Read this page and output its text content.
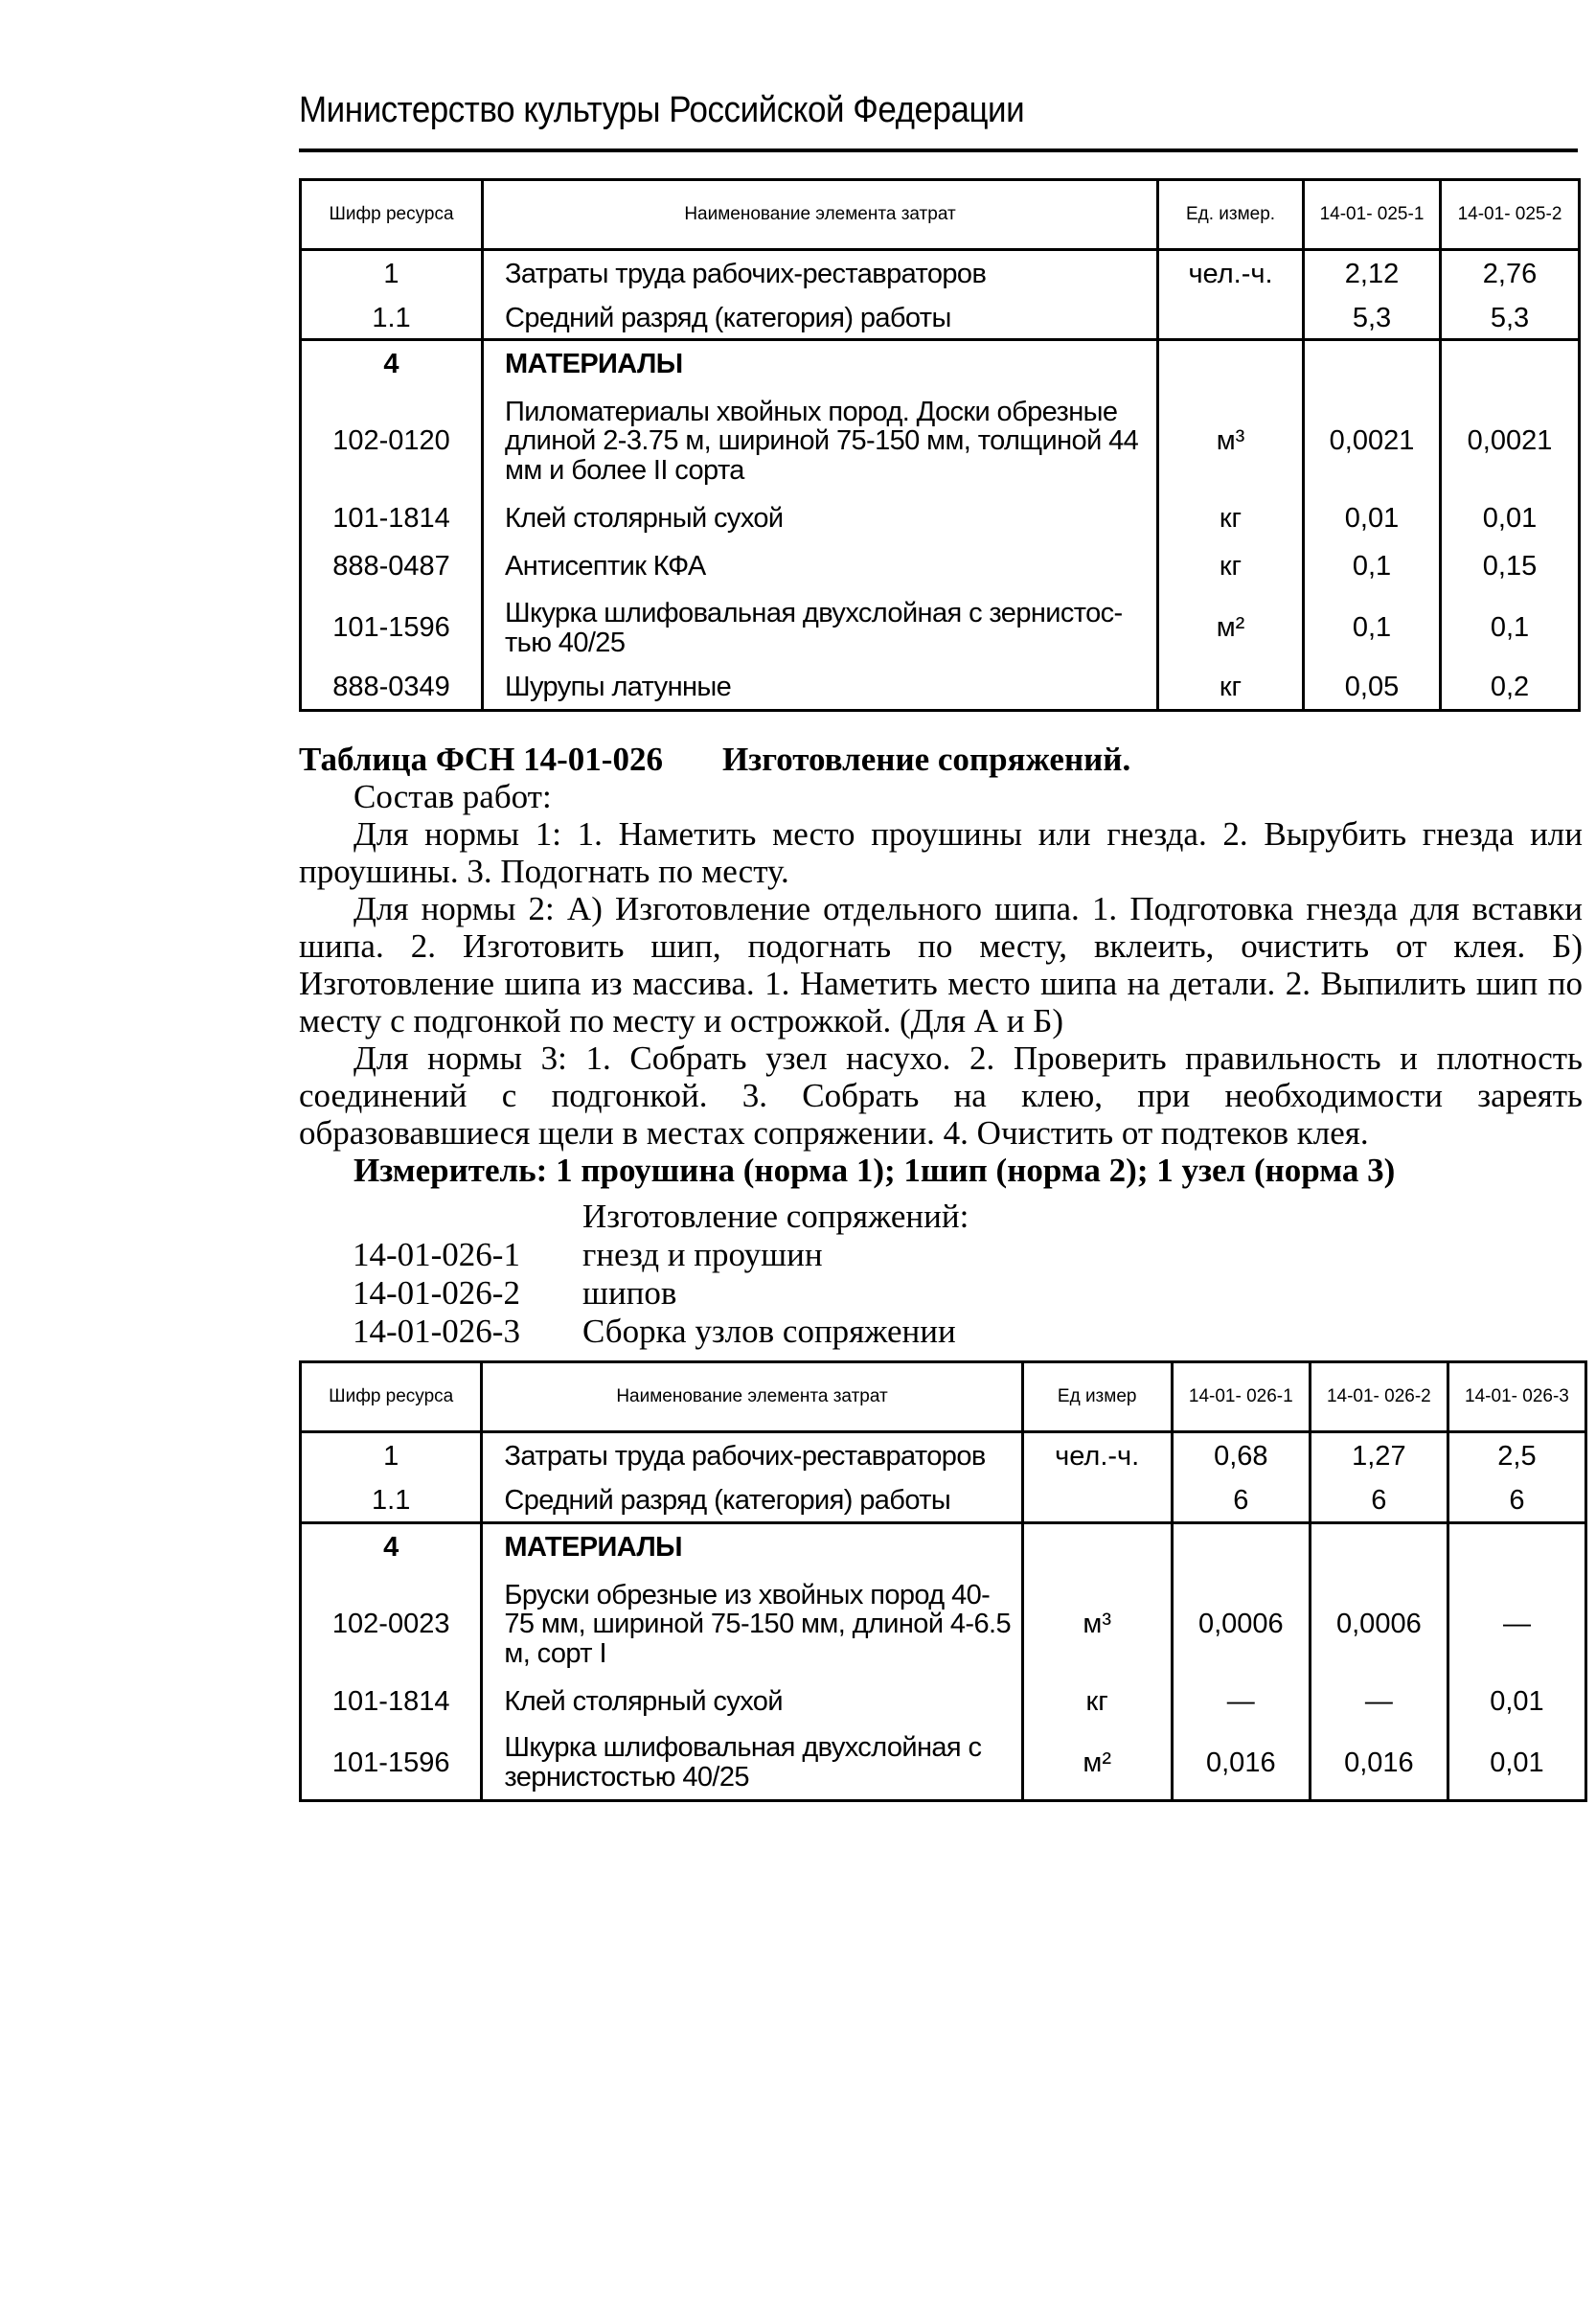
Министерство культуры Российской Федерации
Шифр ресурса	Наименование элемента затрат	Ед. измер.	14-01- 025-1	14-01- 025-2
1	Затраты труда рабочих-реставраторов	чел.-ч.	2,12	2,76
1.1	Средний разряд (категория) работы		5,3	5,3
4	МАТЕРИАЛЫ			
102-0120	Пиломатериалы хвойных пород. Доски обрезные длиной 2-3.75 м, шириной 75-150 мм, толщиной 44 мм и более II сорта	м³	0,0021	0,0021
101-1814	Клей столярный сухой	кг	0,01	0,01
888-0487	Антисептик КФА	кг	0,1	0,15
101-1596	Шкурка шлифовальная двухслойная с зернистос- тью 40/25	м²	0,1	0,1
888-0349	Шурупы латунные	кг	0,05	0,2

Таблица ФСН 14-01-026 Изготовление сопряжений.

Состав работ:

Для нормы 1: 1. Наметить место проушины или гнезда. 2. Вырубить гнезда или проушины. 3. Подогнать по месту.

Для нормы 2: А) Изготовление отдельного шипа. 1. Подготовка гнезда для вставки шипа. 2. Изготовить шип, подогнать по месту, вклеить, очистить от клея. Б) Изготовление шипа из массива. 1. Наметить место шипа на детали. 2. Выпилить шип по месту с подгонкой по месту и острожкой. (Для А и Б)

Для нормы 3: 1. Собрать узел насухо. 2. Проверить правильность и плотность соединений с подгонкой. 3. Собрать на клею, при необходимости зареять образовавшиеся щели в местах сопряжении. 4. Очистить от подтеков клея.

Измеритель: 1 проушина (норма 1); 1шип (норма 2); 1 узел (норма 3)

Изготовление сопряжений:
14-01-026-1	гнезд и проушин
14-01-026-2	шипов
14-01-026-3	Сборка узлов сопряжении
Шифр ресурса	Наименование элемента затрат	Ед измер	14-01- 026-1	14-01- 026-2	14-01- 026-3
1	Затраты труда рабочих-реставраторов	чел.-ч.	0,68	1,27	2,5
1.1	Средний разряд (категория) работы		6	6	6
4	МАТЕРИАЛЫ				
102-0023	Бруски обрезные из хвойных пород 40-75 мм, шириной 75-150 мм, длиной 4-6.5 м, сорт I	м³	0,0006	0,0006	—
101-1814	Клей столярный сухой	кг	—	—	0,01
101-1596	Шкурка шлифовальная двухслойная с зернистостью 40/25	м²	0,016	0,016	0,01
